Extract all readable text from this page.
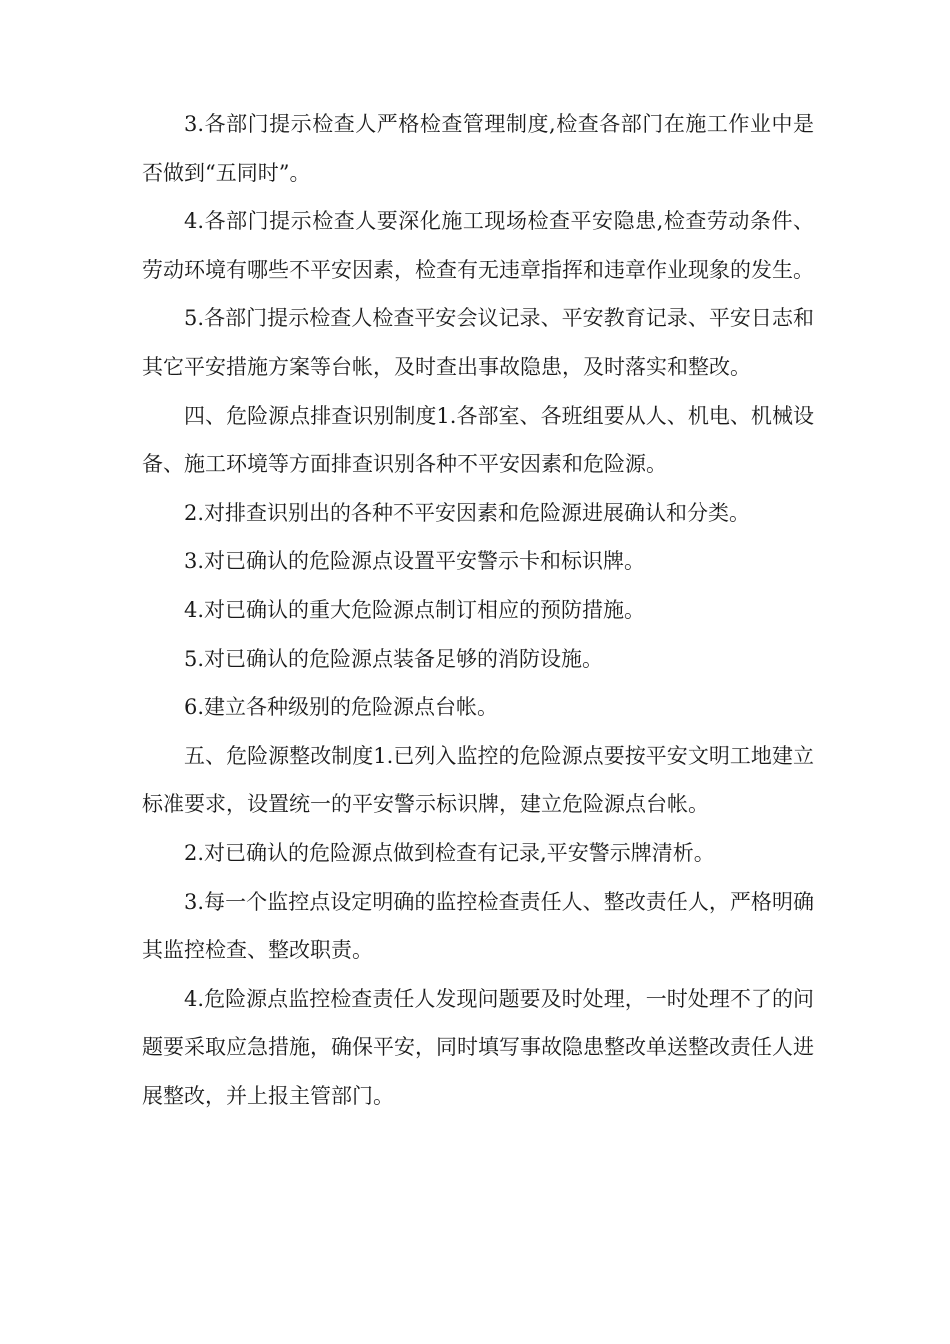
3.各部门提示检查人严格检查管理制度,检查各部门在施工作业中是否做到“五同时”。

4.各部门提示检查人要深化施工现场检查平安隐患,检查劳动条件、劳动环境有哪些不平安因素，检查有无违章指挥和违章作业现象的发生。

5.各部门提示检查人检查平安会议记录、平安教育记录、平安日志和其它平安措施方案等台帐，及时查出事故隐患，及时落实和整改。

四、危险源点排查识别制度1.各部室、各班组要从人、机电、机械设备、施工环境等方面排查识别各种不平安因素和危险源。

2.对排查识别出的各种不平安因素和危险源进展确认和分类。

3.对已确认的危险源点设置平安警示卡和标识牌。

4.对已确认的重大危险源点制订相应的预防措施。

5.对已确认的危险源点装备足够的消防设施。

6.建立各种级别的危险源点台帐。

五、危险源整改制度1.已列入监控的危险源点要按平安文明工地建立标准要求，设置统一的平安警示标识牌，建立危险源点台帐。

2.对已确认的危险源点做到检查有记录,平安警示牌清析。

3.每一个监控点设定明确的监控检查责任人、整改责任人，严格明确其监控检查、整改职责。

4.危险源点监控检查责任人发现问题要及时处理，一时处理不了的问题要采取应急措施，确保平安，同时填写事故隐患整改单送整改责任人进展整改，并上报主管部门。
